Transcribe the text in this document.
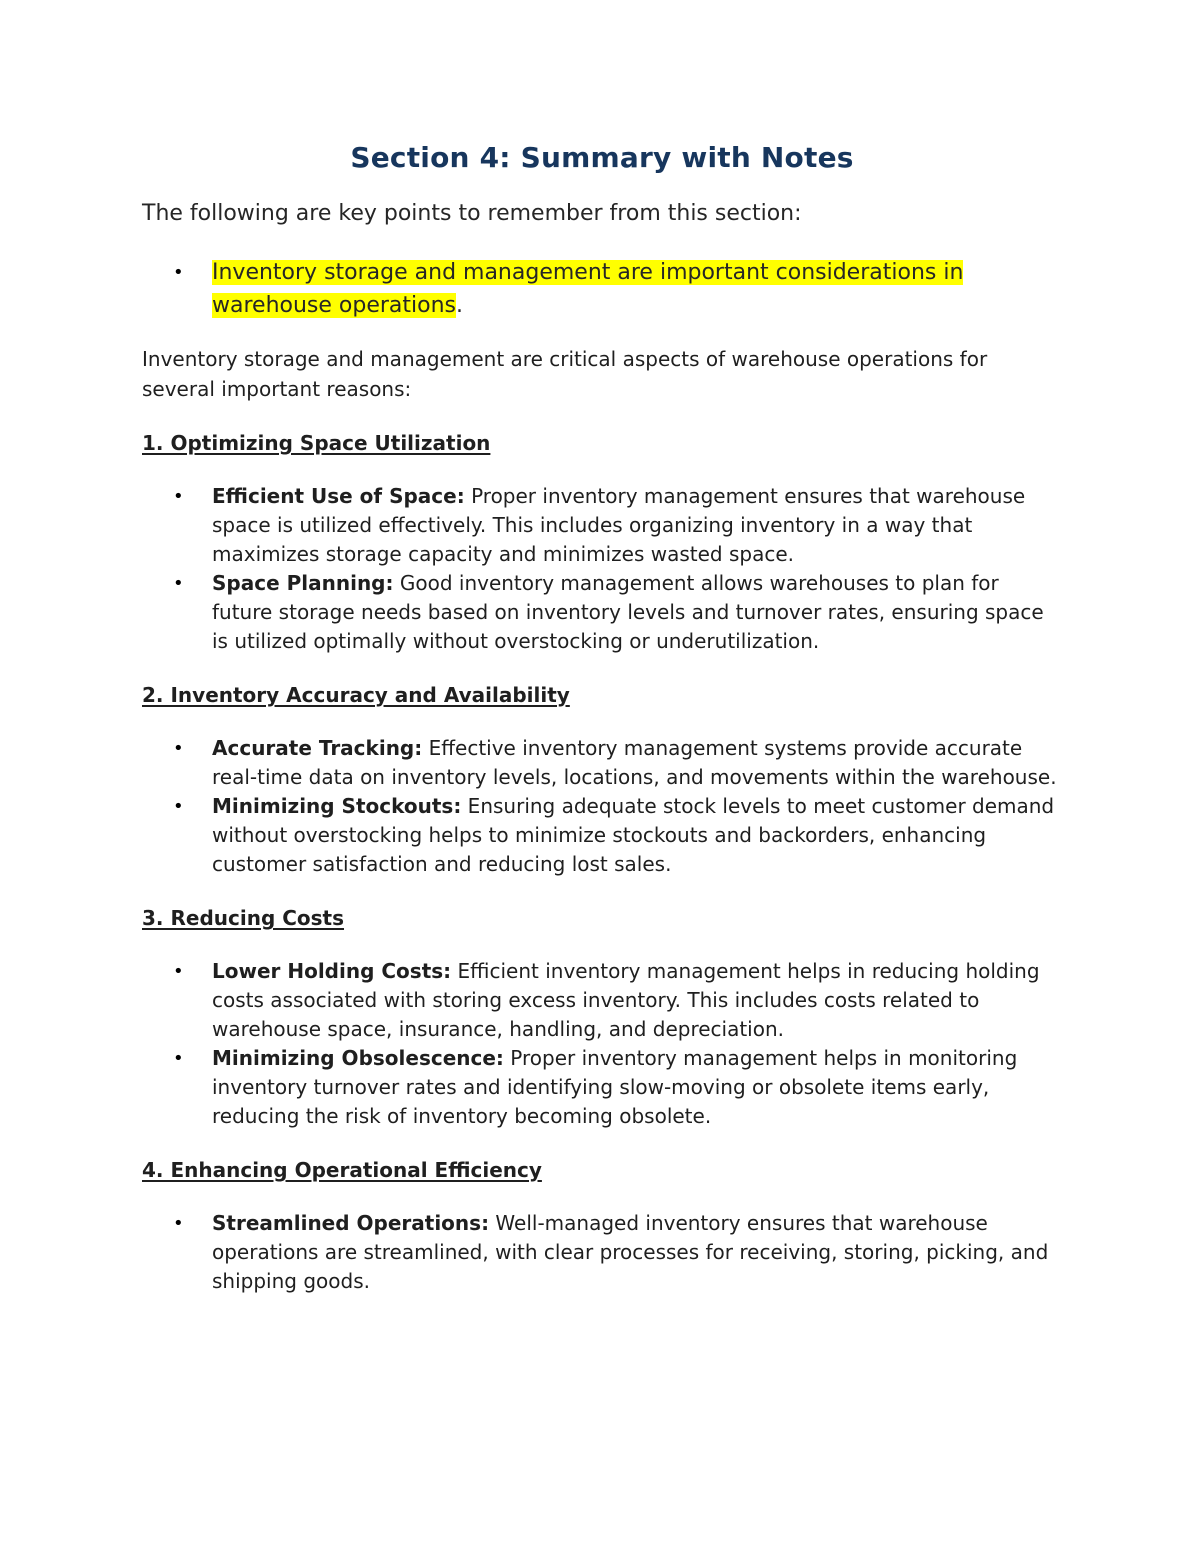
Section 4: Summary with Notes

The following are key points to remember from this section:

• Inventory storage and management are important considerations in warehouse operations.

Inventory storage and management are critical aspects of warehouse operations for several important reasons:

1. Optimizing Space Utilization
• Efficient Use of Space: Proper inventory management ensures that warehouse space is utilized effectively. This includes organizing inventory in a way that maximizes storage capacity and minimizes wasted space.
• Space Planning: Good inventory management allows warehouses to plan for future storage needs based on inventory levels and turnover rates, ensuring space is utilized optimally without overstocking or underutilization.
2. Inventory Accuracy and Availability
• Accurate Tracking: Effective inventory management systems provide accurate real-time data on inventory levels, locations, and movements within the warehouse.
• Minimizing Stockouts: Ensuring adequate stock levels to meet customer demand without overstocking helps to minimize stockouts and backorders, enhancing customer satisfaction and reducing lost sales.
3. Reducing Costs
• Lower Holding Costs: Efficient inventory management helps in reducing holding costs associated with storing excess inventory. This includes costs related to warehouse space, insurance, handling, and depreciation.
• Minimizing Obsolescence: Proper inventory management helps in monitoring inventory turnover rates and identifying slow-moving or obsolete items early, reducing the risk of inventory becoming obsolete.
4. Enhancing Operational Efficiency
• Streamlined Operations: Well-managed inventory ensures that warehouse operations are streamlined, with clear processes for receiving, storing, picking, and shipping goods.
